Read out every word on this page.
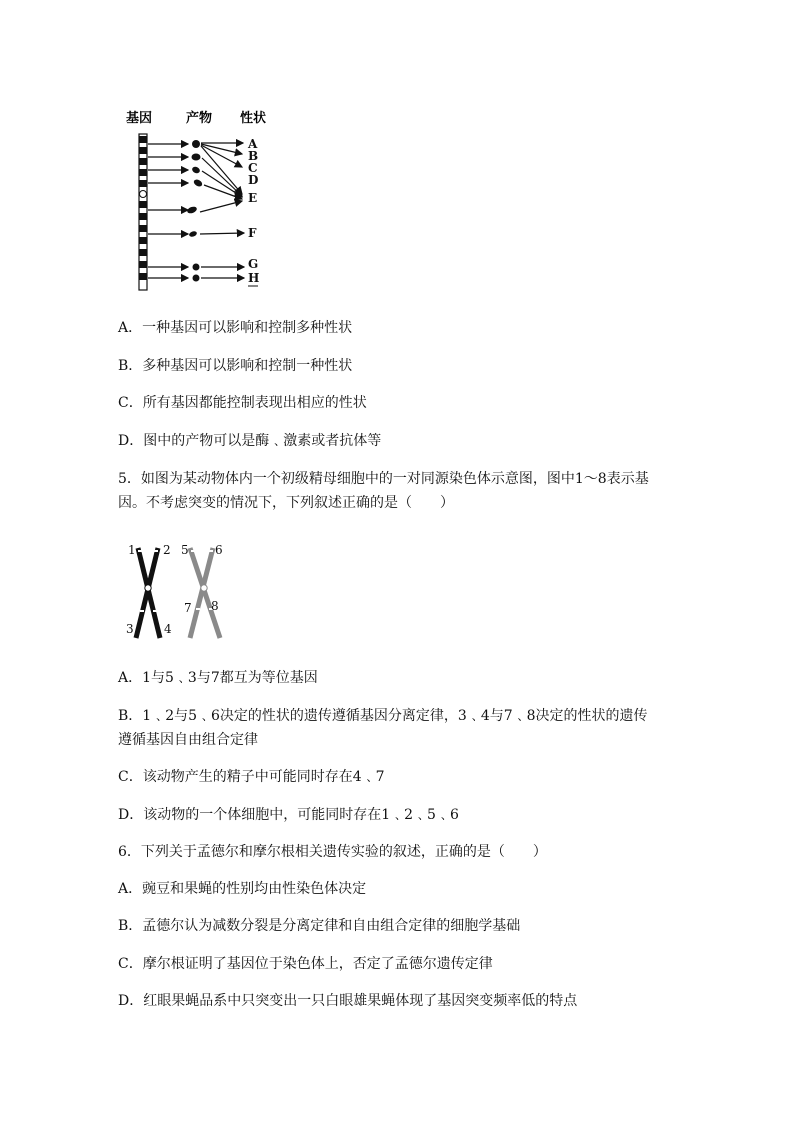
基因	产物 性状
A
B
C
D
E
F
G
H
A．一种基因可以影响和控制多种性状
B．多种基因可以影响和控制一种性状
C．所有基因都能控制表现出相应的性状
D．图中的产物可以是酶﹑激素或者抗体等
5．如图为某动物体内一个初级精母细胞中的一对同源染色体示意图，图中1～8表示基
因。不考虑突变的情况下，下列叙述正确的是（　　）
1 2
3	4
5 6
7 8
A．1与5﹑3与7都互为等位基因
B．1﹑2与5﹑6决定的性状的遗传遵循基因分离定律，3﹑4与7﹑8决定的性状的遗传
遵循基因自由组合定律
C．该动物产生的精子中可能同时存在4﹑7
D．该动物的一个体细胞中，可能同时存在1﹑2﹑5﹑6
6．下列关于孟德尔和摩尔根相关遗传实验的叙述，正确的是（　　）
A．豌豆和果蝇的性别均由性染色体决定
B．孟德尔认为减数分裂是分离定律和自由组合定律的细胞学基础
C．摩尔根证明了基因位于染色体上，否定了孟德尔遗传定律
D．红眼果蝇品系中只突变出一只白眼雄果蝇体现了基因突变频率低的特点
